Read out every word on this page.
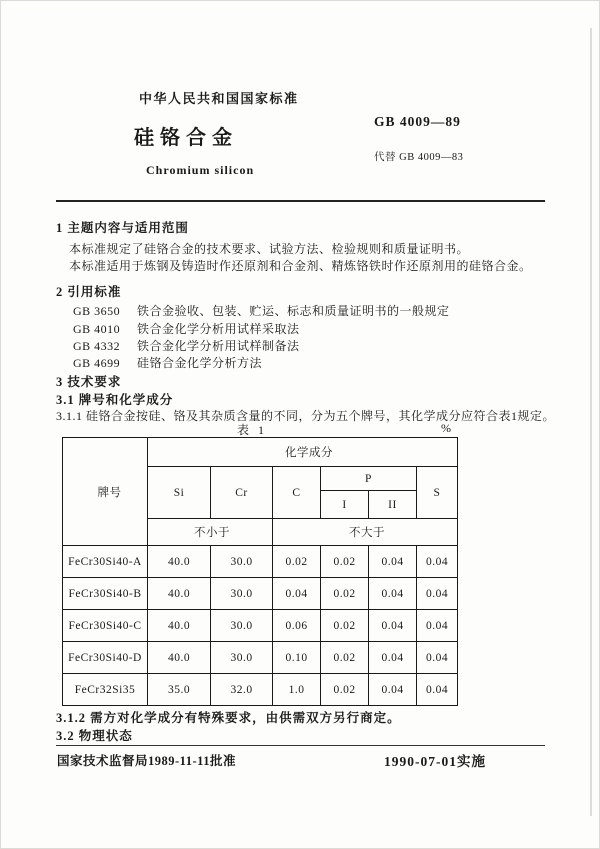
中华人民共和国国家标准
硅铬合金
Chromium silicon
GB 4009—89
代替 GB 4009—83
1 主题内容与适用范围
本标准规定了硅铬合金的技术要求、试验方法、检验规则和质量证明书。
本标准适用于炼钢及铸造时作还原剂和合金剂、精炼铬铁时作还原剂用的硅铬合金。
2 引用标准
GB 3650 铁合金验收、包装、贮运、标志和质量证明书的一般规定
GB 4010 铁合金化学分析用试样采取法
GB 4332 铁合金化学分析用试样制备法
GB 4699 硅铬合金化学分析方法
3 技术要求
3.1 牌号和化学成分
3.1.1 硅铬合金按硅、铬及其杂质含量的不同，分为五个牌号，其化学成分应符合表1规定。
表 1	%
牌号	化学成分					
	Si	Cr	C	P		S
				I	II	
	不小于		不大于			
FeCr30Si40-A	40.0	30.0	0.02	0.02	0.04	0.04
FeCr30Si40-B	40.0	30.0	0.04	0.02	0.04	0.04
FeCr30Si40-C	40.0	30.0	0.06	0.02	0.04	0.04
FeCr30Si40-D	40.0	30.0	0.10	0.02	0.04	0.04
FeCr32Si35	35.0	32.0	1.0	0.02	0.04	0.04
3.1.2 需方对化学成分有特殊要求，由供需双方另行商定。
3.2 物理状态
国家技术监督局1989-11-11批准	1990-07-01实施
